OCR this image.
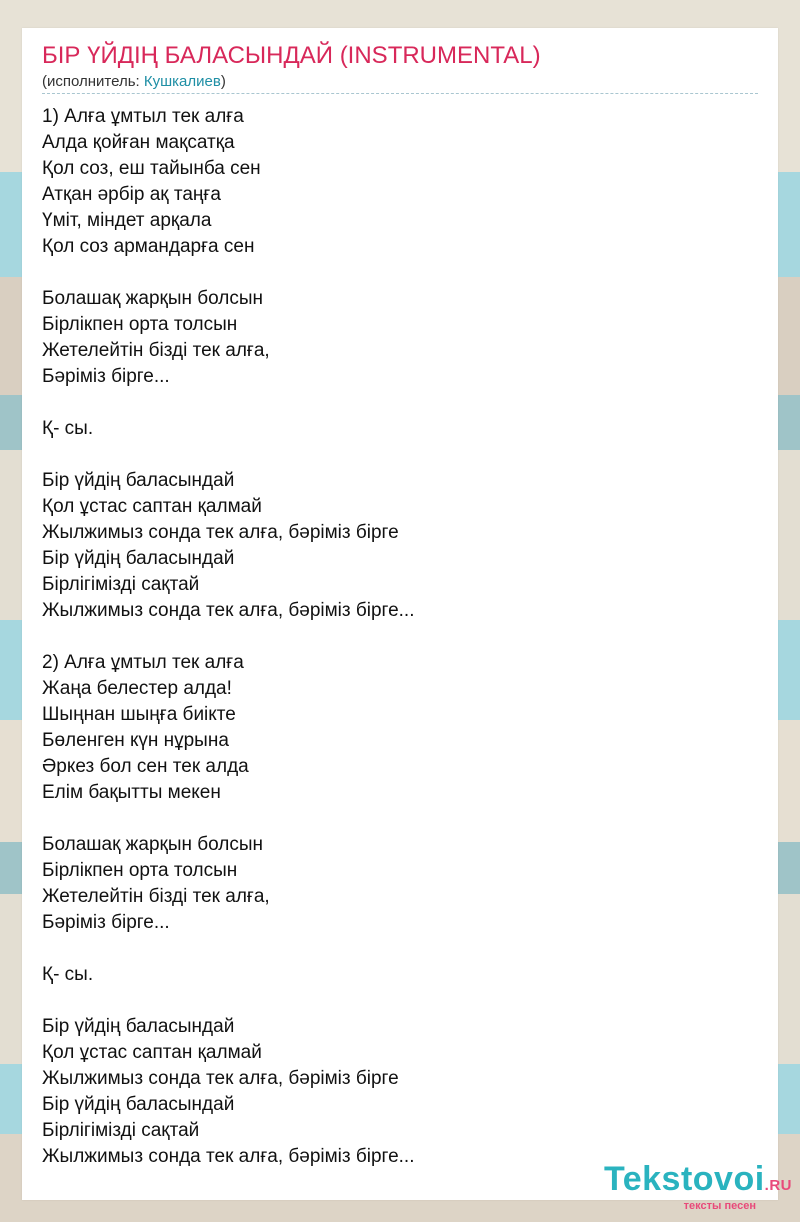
БІР ҮЙДІҢ БАЛАСЫНДАЙ (INSTRUMENTAL)
(исполнитель: Кушкалиев)
1) Алға ұмтыл тек алға
Алда қойған мақсатқа
Қол соз, еш тайынба сен
Атқан әрбір ақ таңға
Үміт, міндет арқала
Қол соз армандарға сен
Болашақ жарқын болсын
Бірлікпен орта толсын
Жетелейтін бізді тек алға,
Бәріміз бірге...
Қ- сы.
Бір үйдің баласындай
Қол ұстас саптан қалмай
Жылжимыз сонда тек алға, бәріміз бірге
Бір үйдің баласындай
Бірлігімізді сақтай
Жылжимыз сонда тек алға, бәріміз бірге...
2) Алға ұмтыл тек алға
Жаңа белестер алда!
Шыңнан шыңға биікте
Бөленген күн нұрына
Әркез бол сен тек алда
Елім бақытты мекен
Болашақ жарқын болсын
Бірлікпен орта толсын
Жетелейтін бізді тек алға,
Бәріміз бірге...
Қ- сы.
Бір үйдің баласындай
Қол ұстас саптан қалмай
Жылжимыз сонда тек алға, бәріміз бірге
Бір үйдің баласындай
Бірлігімізді сақтай
Жылжимыз сонда тек алға, бәріміз бірге...
Tekstovoi.RU
тексты песен
